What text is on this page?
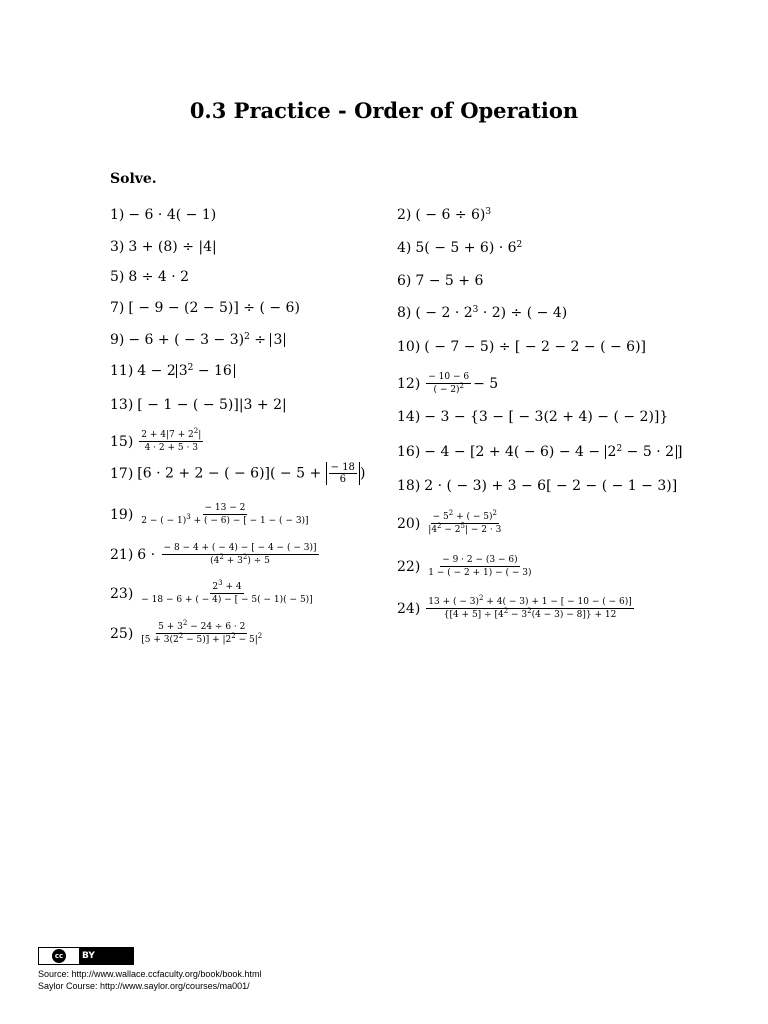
0.3 Practice - Order of Operation
Solve.
1) − 6 · 4( − 1)
3) 3 + (8) ÷ |4|
5) 8 ÷ 4 · 2
7) [ − 9 − (2 − 5)] ÷ ( − 6)
9) − 6 + ( − 3 − 3)$^2$ ÷ 3
11) 4 − 2 $3^2 - 16$
13) [ − 1 − ( − 5)]|3 + 2|
$15) \frac{2 + 4|7 + 2^2|}{4 \cdot 2 + 5 \cdot 3}$
17) [6 · 2 + 2 − ( − $6)]( - 5 + \frac{- 18}{6}$ )
$19) \frac{- 13 - 2}{2 - ( - 1)^3 + ( - 6) - [ - 1 - ( - 3)]}$
21) $6 \cdot \frac{- 8 - 4 + ( - 4) - [ - 4 - ( - 3)]}{(4^2 + 3^2) \div 5}$
$23) \frac{2^3 + 4}{- 18 - 6 + ( - 4) - [ - 5( - 1)( - 5)]}$
$25) \frac{5 + 3^2 - 24 \div 6 \cdot 2}{[5 + 3(2^2 - 5)] + |2^2 - 5|^2}$
2) ( − 6 ÷ 6)$^3$
4) $5( - 5 + 6) \cdot 6^2$
6) 7 − 5 + 6
8) ( − $2 \cdot 2^3 \cdot 2$) ÷ ( − 4)
10) ( − 7 − 5) ÷ [ − 2 − 2 − ( − 6)]
$12) \frac{- 10 - 6}{( - 2)^2} - 5$
14) − 3 − {3 − [ − 3(2 + 4) − ( − 2)]}
$16) - 4 - [2 + 4( - 6) - 4 - 2^2 - 5 \cdot 2$ ]
18) 2 · ( − 3) + 3 − 6[ − 2 − ( − 1 − 3)]
$20) \frac{- 5^2 + ( - 5)^2}{|4^2 - 2^5| - 2 \cdot 3}$
$22) \frac{- 9 \cdot 2 - (3 - 6)}{1 - ( - 2 + 1) - ( - 3)}$
$24) \frac{13 + ( - 3)^2 + 4( - 3) + 1 - [ - 10 - ( - 6)]}{\{[4 + 5] \div [4^2 - 3^2(4 - 3) - 8]\} + 12}$
cc	BY
Source: http://www.wallace.ccfaculty.org/book/book.html
Saylor Course: http://www.saylor.org/courses/ma001/
